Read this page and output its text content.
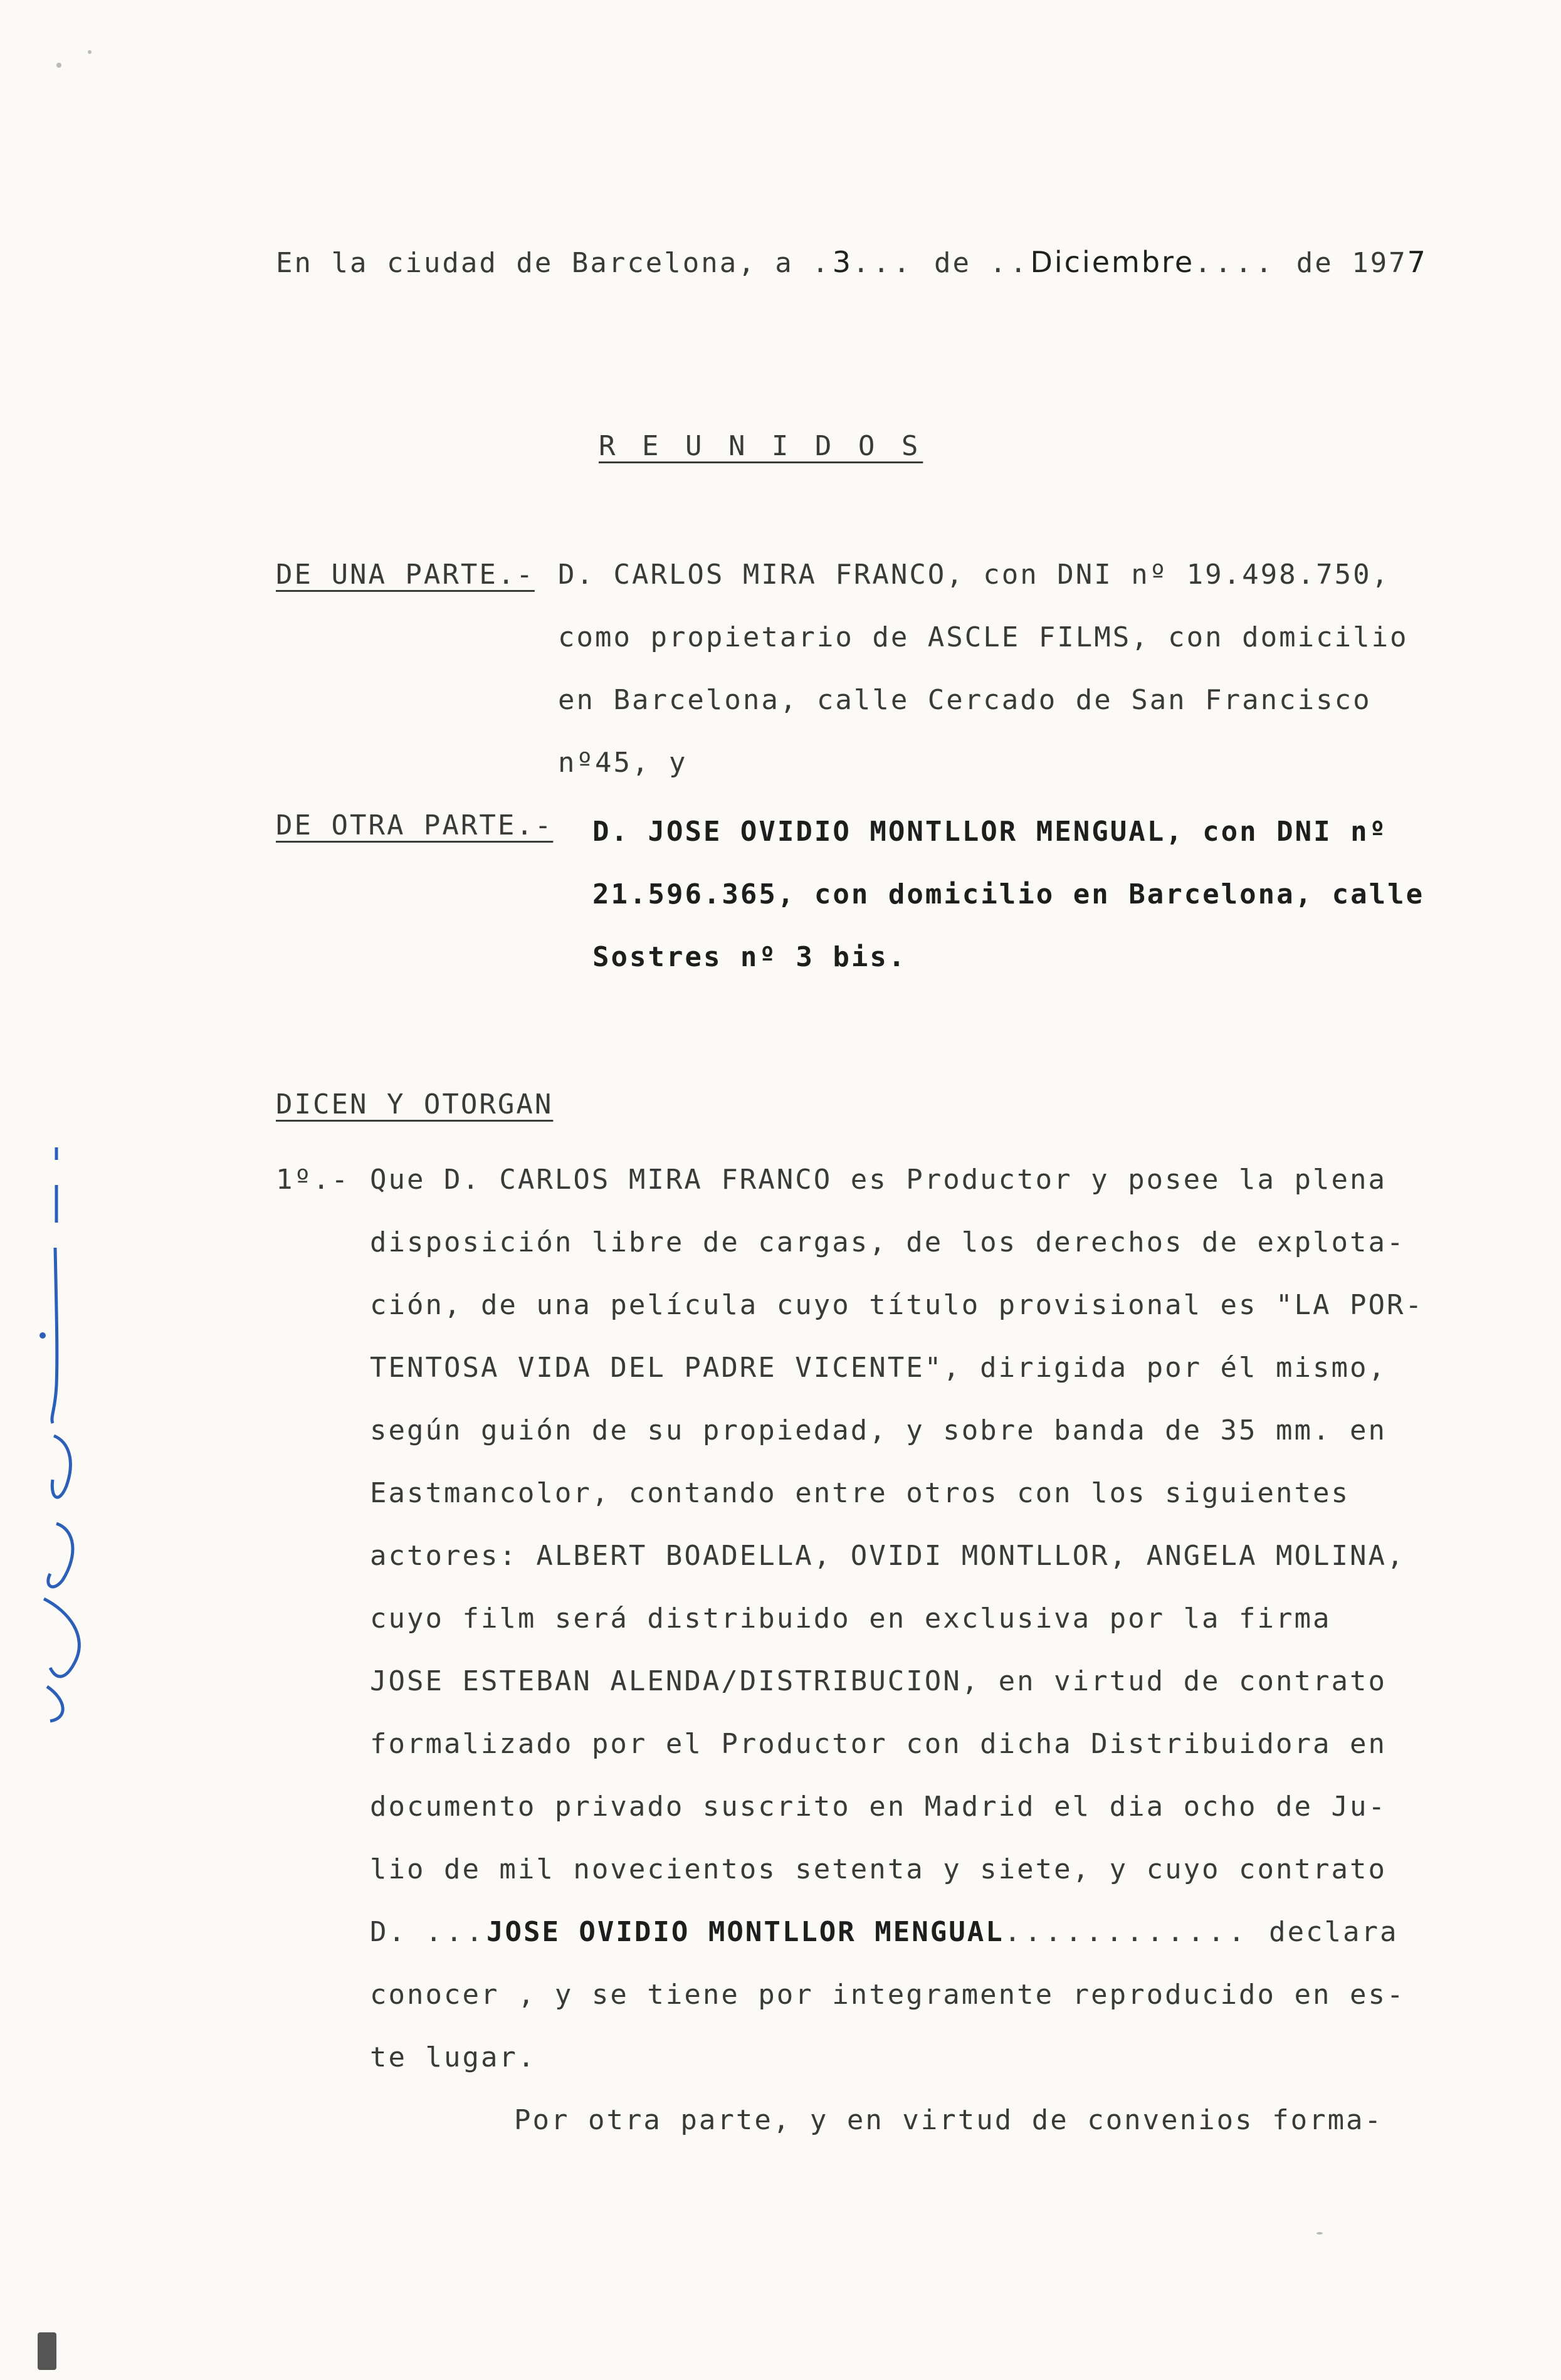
En la ciudad de Barcelona, a .3... de ..Diciembre.... de 1977
R E U N I D O S
DE UNA PARTE.- D. CARLOS MIRA FRANCO, con DNI nº 19.498.750,
como propietario de ASCLE FILMS, con domicilio
en Barcelona, calle Cercado de San Francisco
nº45, y
DE OTRA PARTE.- D. JOSE OVIDIO MONTLLOR MENGUAL, con DNI nº
21.596.365, con domicilio en Barcelona, calle
Sostres nº 3 bis.
DICEN Y OTORGAN
1º.- Que D. CARLOS MIRA FRANCO es Productor y posee la plena
disposición libre de cargas, de los derechos de explota-
ción, de una película cuyo título provisional es "LA POR-
TENTOSA VIDA DEL PADRE VICENTE", dirigida por él mismo,
según guión de su propiedad, y sobre banda de 35 mm. en
Eastmancolor, contando entre otros con los siguientes
actores: ALBERT BOADELLA, OVIDI MONTLLOR, ANGELA MOLINA,
cuyo film será distribuido en exclusiva por la firma
JOSE ESTEBAN ALENDA/DISTRIBUCION, en virtud de contrato
formalizado por el Productor con dicha Distribuidora en
documento privado suscrito en Madrid el dia ocho de Ju-
lio de mil novecientos setenta y siete, y cuyo contrato
D. ...JOSE OVIDIO MONTLLOR MENGUAL............ declara
conocer , y se tiene por integramente reproducido en es-
te lugar.
Por otra parte, y en virtud de convenios forma-
